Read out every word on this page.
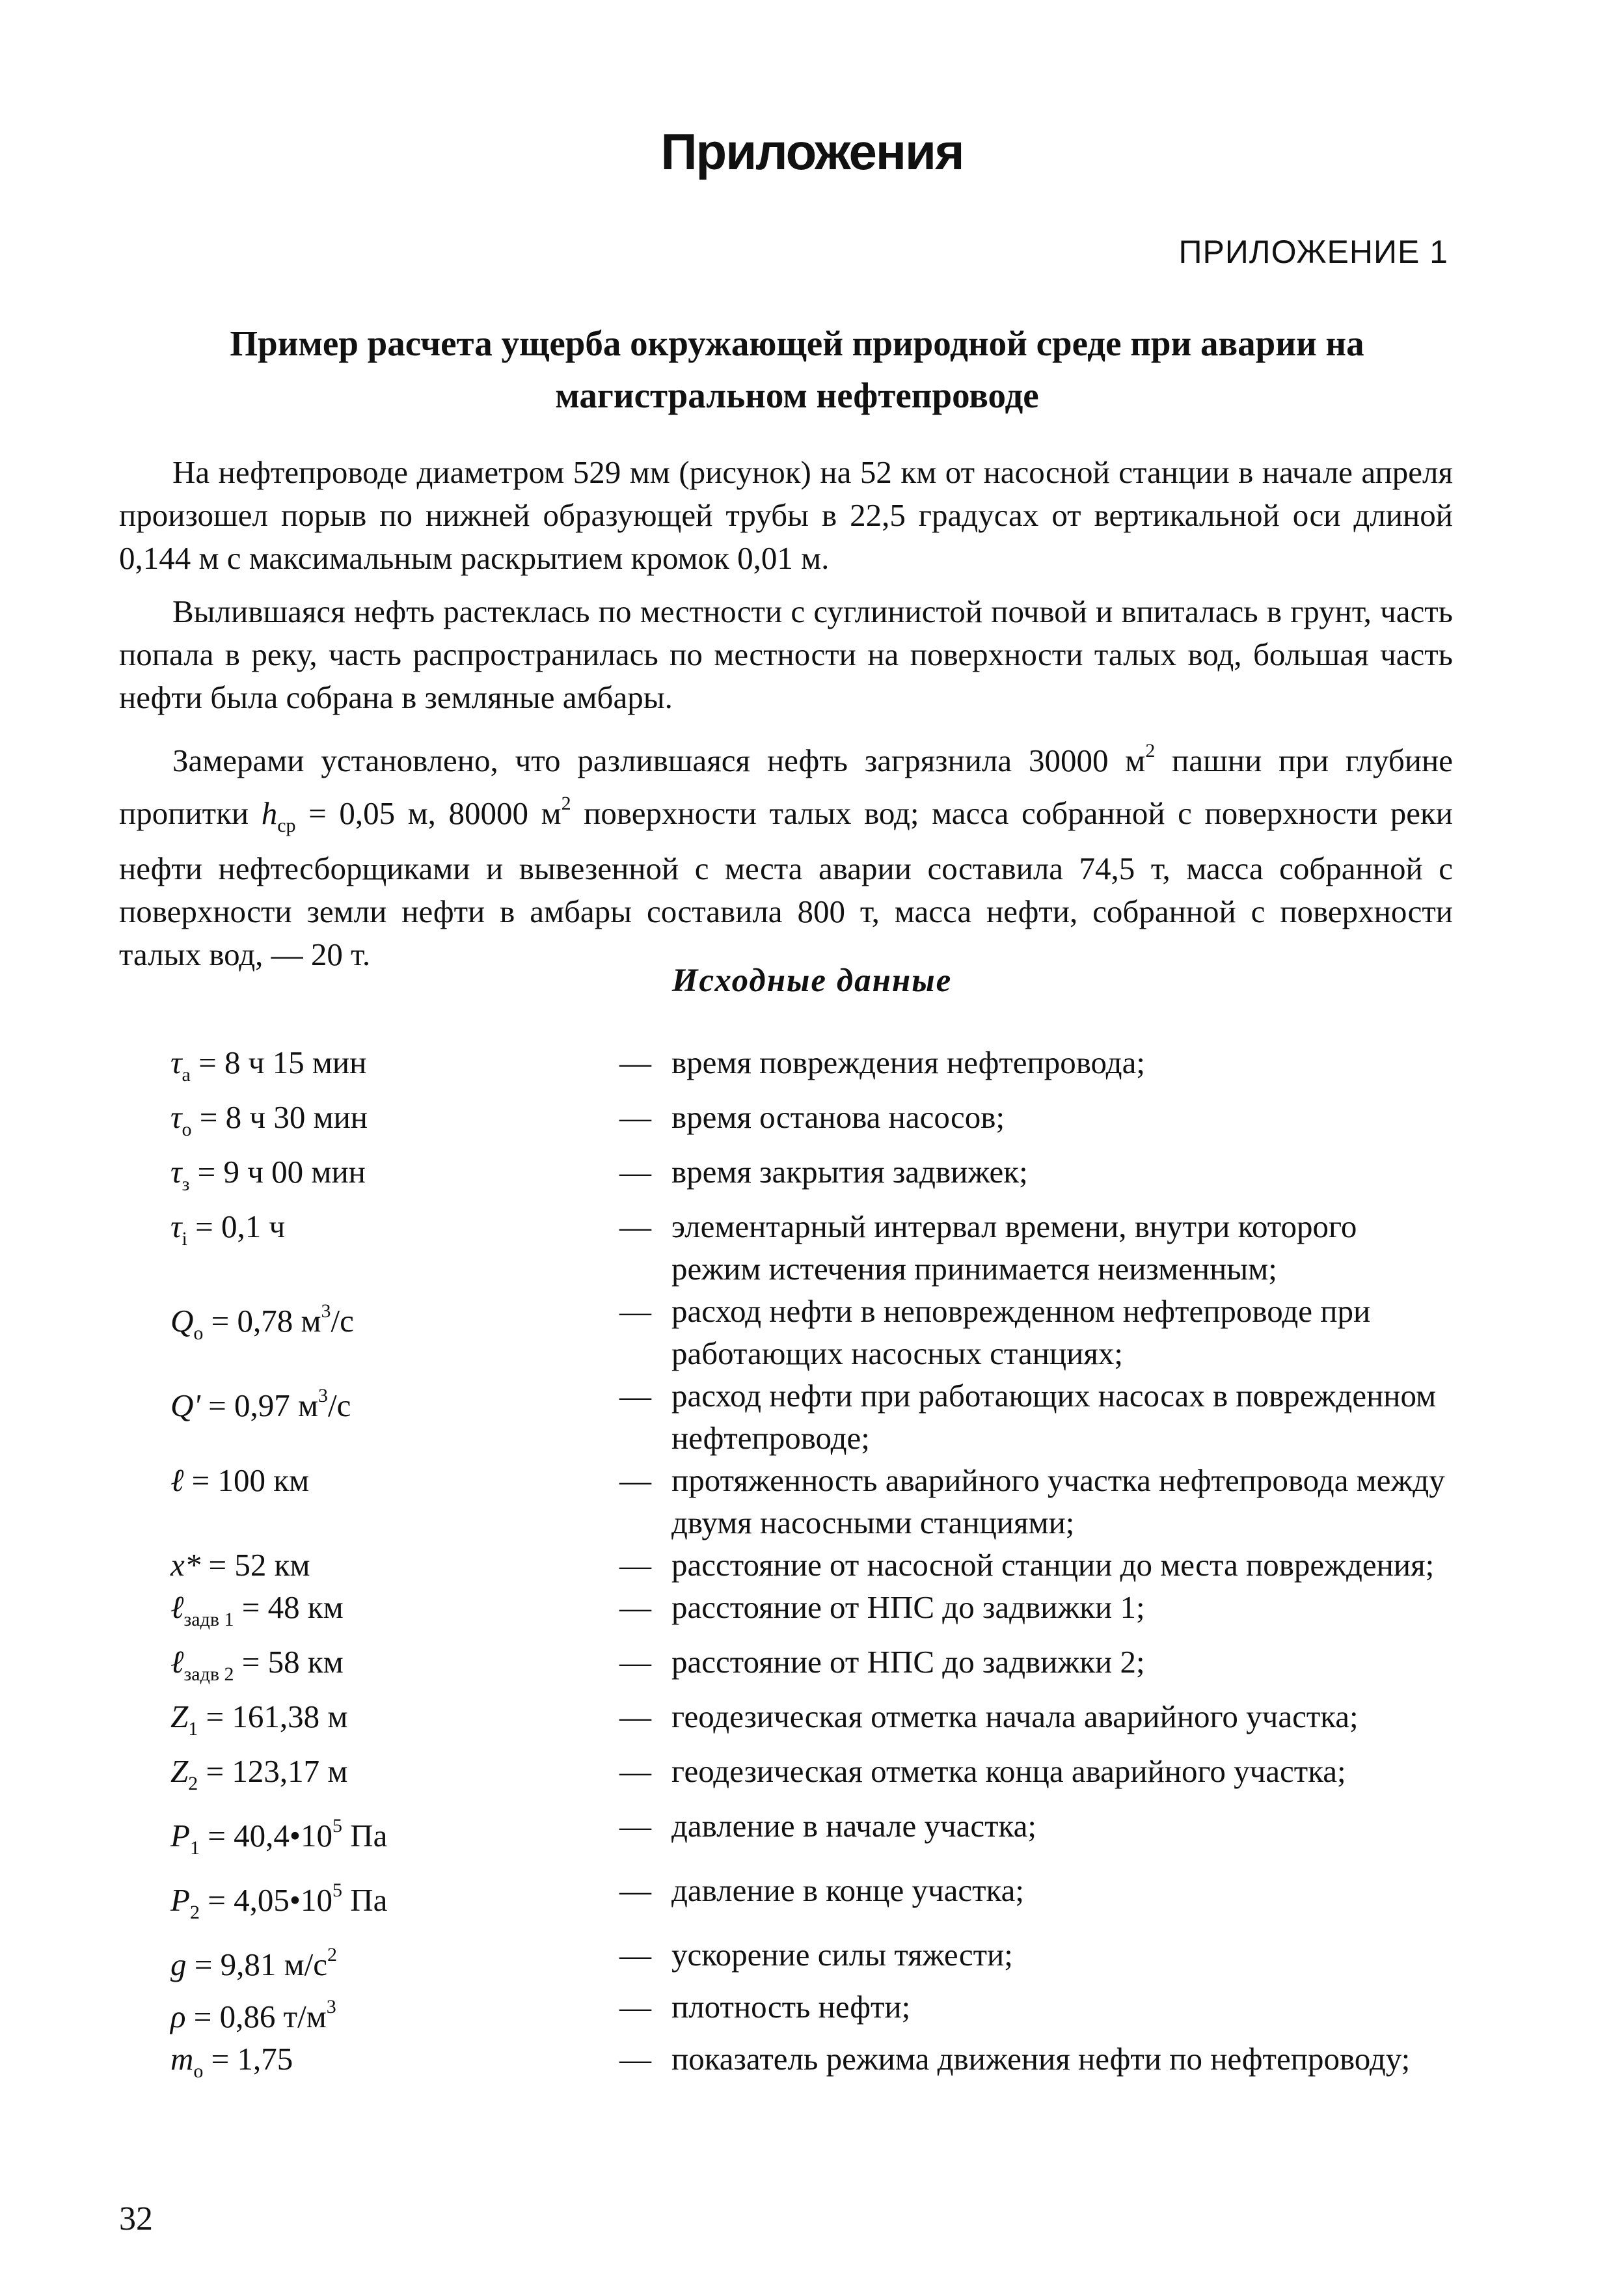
Приложения
ПРИЛОЖЕНИЕ 1
Пример расчета ущерба окружающей природной среде при аварии на
магистральном нефтепроводе

На нефтепроводе диаметром 529 мм (рисунок) на 52 км от насосной станции в начале апреля произошел порыв по нижней образующей трубы в 22,5 градусах от вертикальной оси длиной 0,144 м с максимальным раскрытием кромок 0,01 м.

Вылившаяся нефть растеклась по местности с суглинистой почвой и впиталась в грунт, часть попала в реку, часть распространилась по местности на поверхности талых вод, большая часть нефти была собрана в земляные амбары.

Замерами установлено, что разлившаяся нефть загрязнила 30000 $м^2$ пашни при глубине пропитки $h_{ср} = 0,05$ м, 80000 $м^2$ поверхности талых вод; масса собранной с поверхности реки нефти нефтесборщиками и вывезенной с места аварии составила 74,5 т, масса собранной с поверхности земли нефти в амбары составила 800 т, масса нефти, собранной с поверхности талых вод, — 20 т.

Исходные данные
$\tau_а = 8$ ч 15 мин	— время повреждения нефтепровода;
$\tau_о = 8$ ч 30 мин	— время останова насосов;
$\tau_з = 9$ ч 00 мин	— время закрытия задвижек;
$\tau_i = 0,1$ ч	— элементарный интервал времени, внутри которого режим истечения принимается неизменным;
$Q_о = 0,78$ $м^3/с$	— расход нефти в неповрежденном нефтепроводе при работающих насосных станциях;
Q' = 0,97 $м^3/с$	— расход нефти при работающих насосах в поврежденном нефтепроводе;
ℓ = 100 км	— протяженность аварийного участка нефтепровода между двумя насосными станциями;
x* = 52 км	— расстояние от насосной станции до места повреждения;
ℓ$_{задв 1}$ = 48 км	— расстояние от НПС до задвижки 1;
ℓ$_{задв 2}$ = 58 км	— расстояние от НПС до задвижки 2;
$Z_1 = 161,38$ м	— геодезическая отметка начала аварийного участка;
$Z_2 = 123,17$ м	— геодезическая отметка конца аварийного участка;
$P_1$ = $40,4•10^5$ Па	— давление в начале участка;
$P_2$ = $4,05•10^5$ Па	— давление в конце участка;
g = 9,81 $м/с^2$	— ускорение силы тяжести;
ρ = 0,86 $т/м^3$	— плотность нефти;
$m_о = 1,75$	— показатель режима движения нефти по нефтепроводу;
32
